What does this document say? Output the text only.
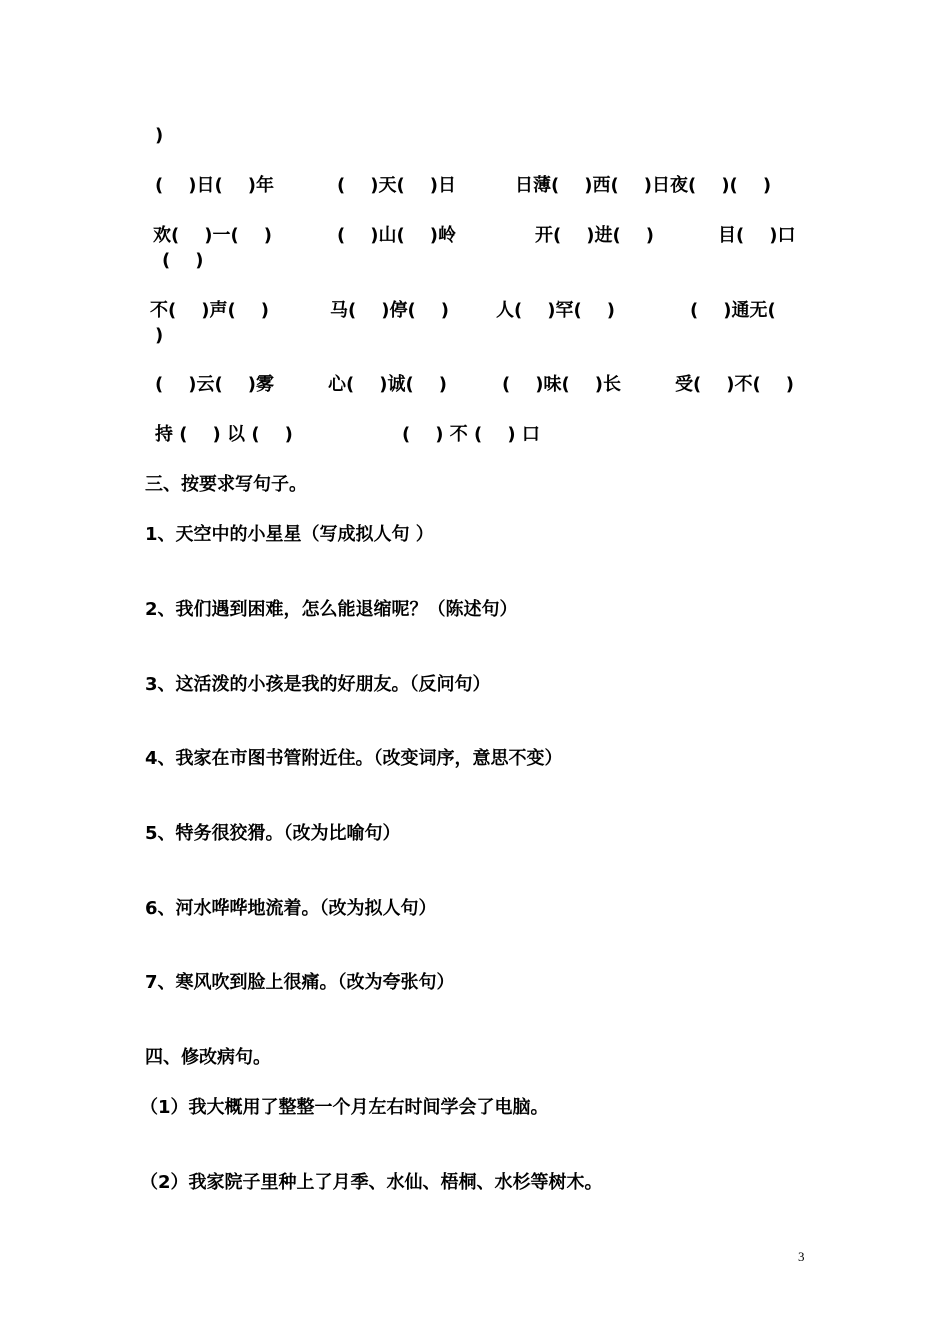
)
(    )日(    )年	(    )天(    )日	日薄(    )西(    )日夜(    )(    )
欢(    )一(    )	(    )山(    )岭	开(    )进(    )	目(    )口
(    )
不(    )声(    )	马(    )停(    )	人(    )罕(    )	(    )通无(
)
(    )云(    )雾	心(    )诚(    )	(    )味(    )长	受(    )不(    )
持 (    ) 以 (    )	(    ) 不 (    ) 口
三、按要求写句子。
1、天空中的小星星（写成拟人句 ）
2、我们遇到困难，怎么能退缩呢？（陈述句）
3、这活泼的小孩是我的好朋友。（反问句）
4、我家在市图书管附近住。（改变词序，意思不变）
5、特务很狡猾。（改为比喻句）
6、河水哗哗地流着。（改为拟人句）
7、寒风吹到脸上很痛。（改为夸张句）
四、修改病句。
（1）我大概用了整整一个月左右时间学会了电脑。
（2）我家院子里种上了月季、水仙、梧桐、水杉等树木。
3
